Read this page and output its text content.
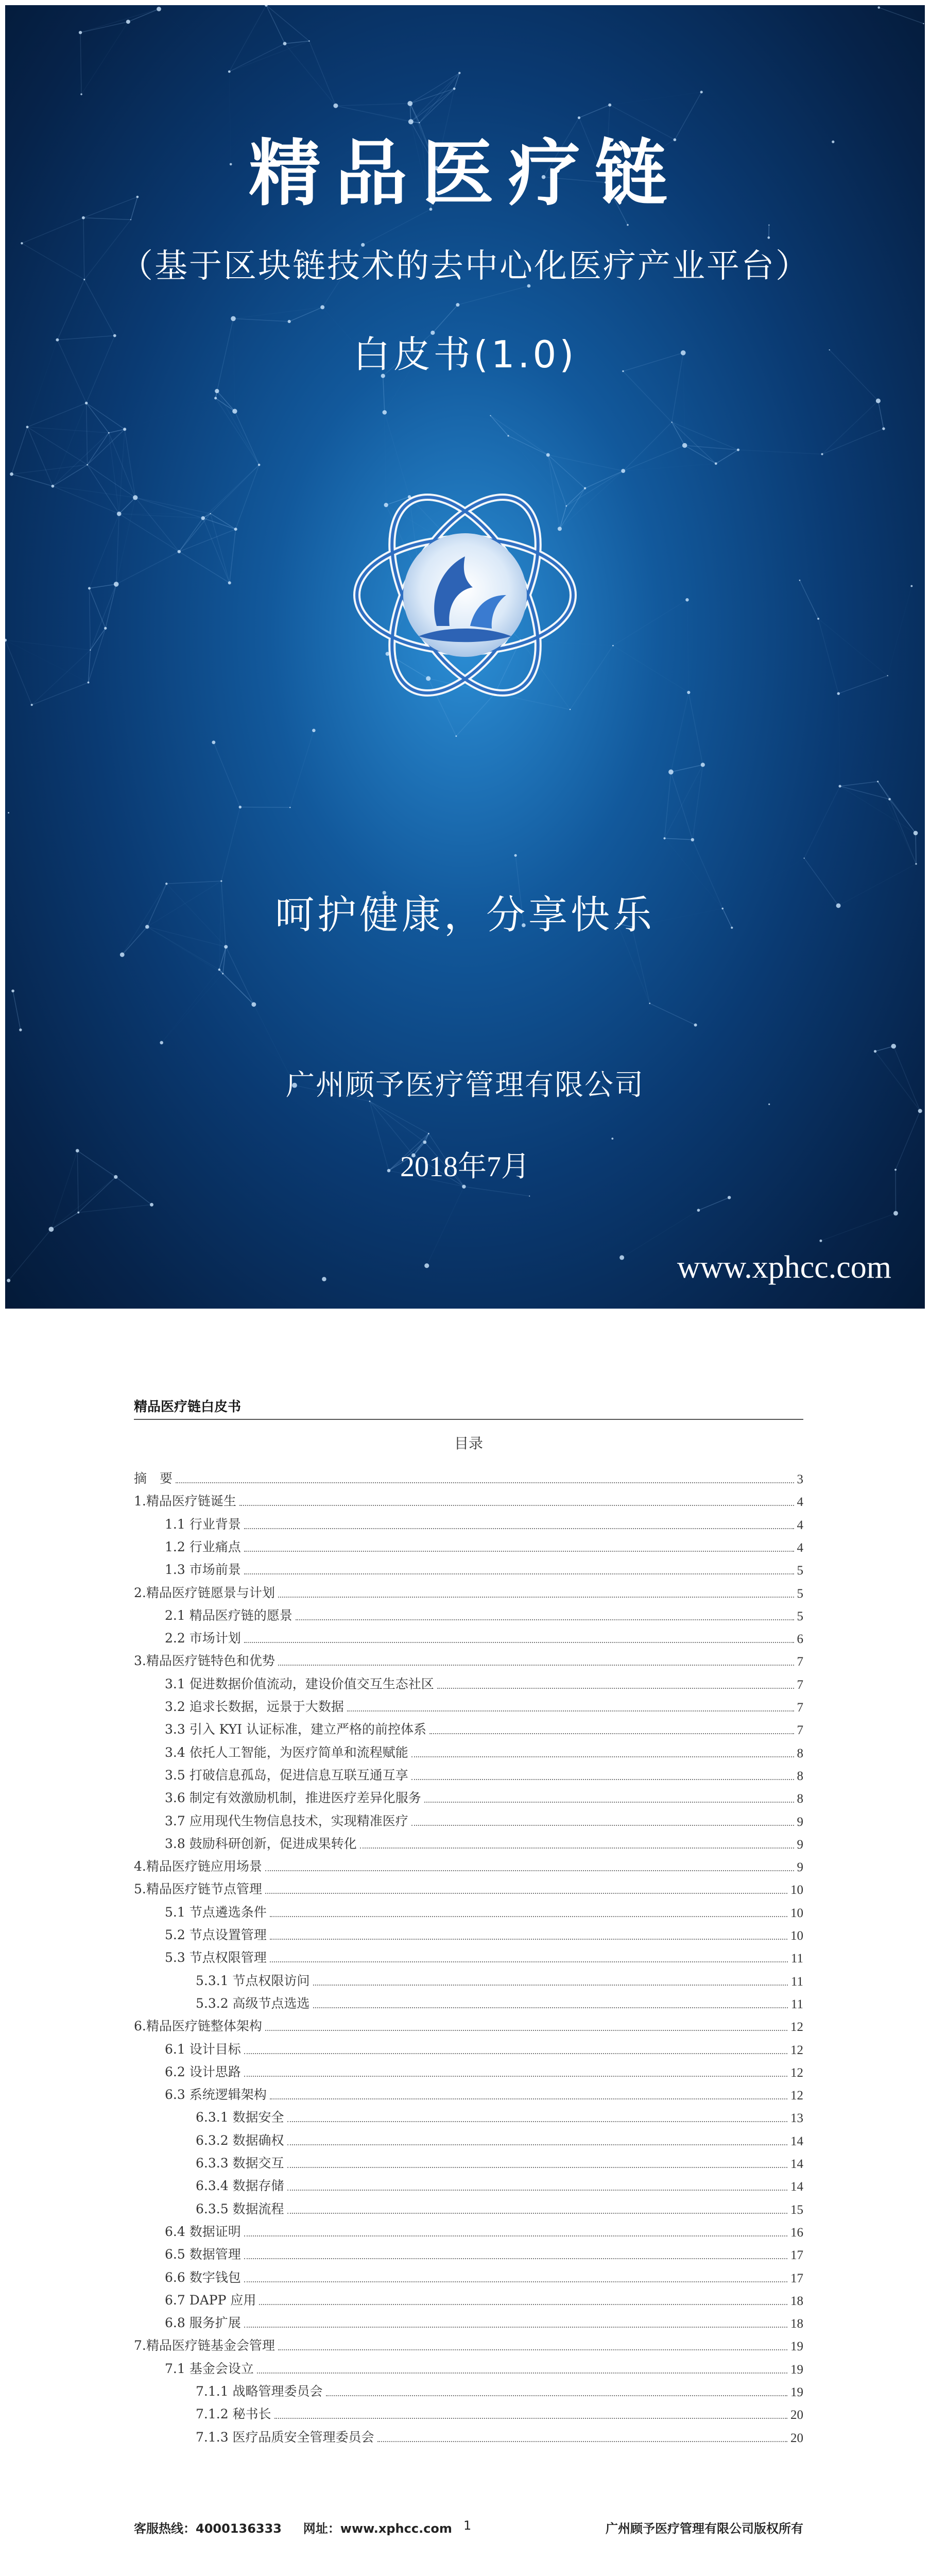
精品医疗链
（基于区块链技术的去中心化医疗产业平台）
白皮书(1.0)
呵护健康，分享快乐
广州顾予医疗管理有限公司
2018年7月
www.xphcc.com
精品医疗链白皮书
目录
摘　要	3
1.精品医疗链诞生	4
1.1 行业背景	4
1.2 行业痛点	4
1.3 市场前景	5
2.精品医疗链愿景与计划	5
2.1 精品医疗链的愿景	5
2.2 市场计划	6
3.精品医疗链特色和优势	7
3.1 促进数据价值流动，建设价值交互生态社区	7
3.2 追求长数据，远景于大数据	7
3.3 引入 KYI 认证标准，建立严格的前控体系	7
3.4 依托人工智能，为医疗简单和流程赋能	8
3.5 打破信息孤岛，促进信息互联互通互享	8
3.6 制定有效激励机制，推进医疗差异化服务	8
3.7 应用现代生物信息技术，实现精准医疗	9
3.8 鼓励科研创新，促进成果转化	9
4.精品医疗链应用场景	9
5.精品医疗链节点管理	10
5.1 节点遴选条件	10
5.2 节点设置管理	10
5.3 节点权限管理	11
5.3.1 节点权限访问	11
5.3.2 高级节点选选	11
6.精品医疗链整体架构	12
6.1 设计目标	12
6.2 设计思路	12
6.3 系统逻辑架构	12
6.3.1 数据安全	13
6.3.2 数据确权	14
6.3.3 数据交互	14
6.3.4 数据存储	14
6.3.5 数据流程	15
6.4 数据证明	16
6.5 数据管理	17
6.6 数字钱包	17
6.7 DAPP 应用	18
6.8 服务扩展	18
7.精品医疗链基金会管理	19
7.1 基金会设立	19
7.1.1 战略管理委员会	19
7.1.2 秘书长	20
7.1.3 医疗品质安全管理委员会	20
客服热线：4000136333 网址：www.xphcc.com 1	广州顾予医疗管理有限公司版权所有
